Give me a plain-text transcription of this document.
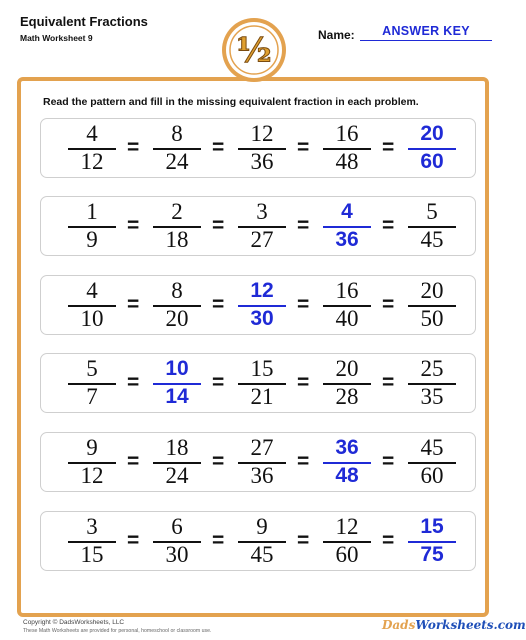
Equivalent Fractions
Math Worksheet 9	Name:	ANSWER KEY
½
Read the pattern and fill in the missing equivalent fraction in each problem.
4
12
=
8
24
=
12
36
=
16
48
=
20
60
1
9
=
2
18
=
3
27
=
4
36
=
5
45
4
10
=
8
20
=
12
30
=
16
40
=
20
50
5
7
=
10
14
=
15
21
=
20
28
=
25
35
9
12
=
18
24
=
27
36
=
36
48
=
45
60
3
15
=
6
30
=
9
45
=
12
60
=
15
75
Copyright © DadsWorksheets, LLC
These Math Worksheets are provided for personal, homeschool or classroom use.	DadsWorksheets.com
